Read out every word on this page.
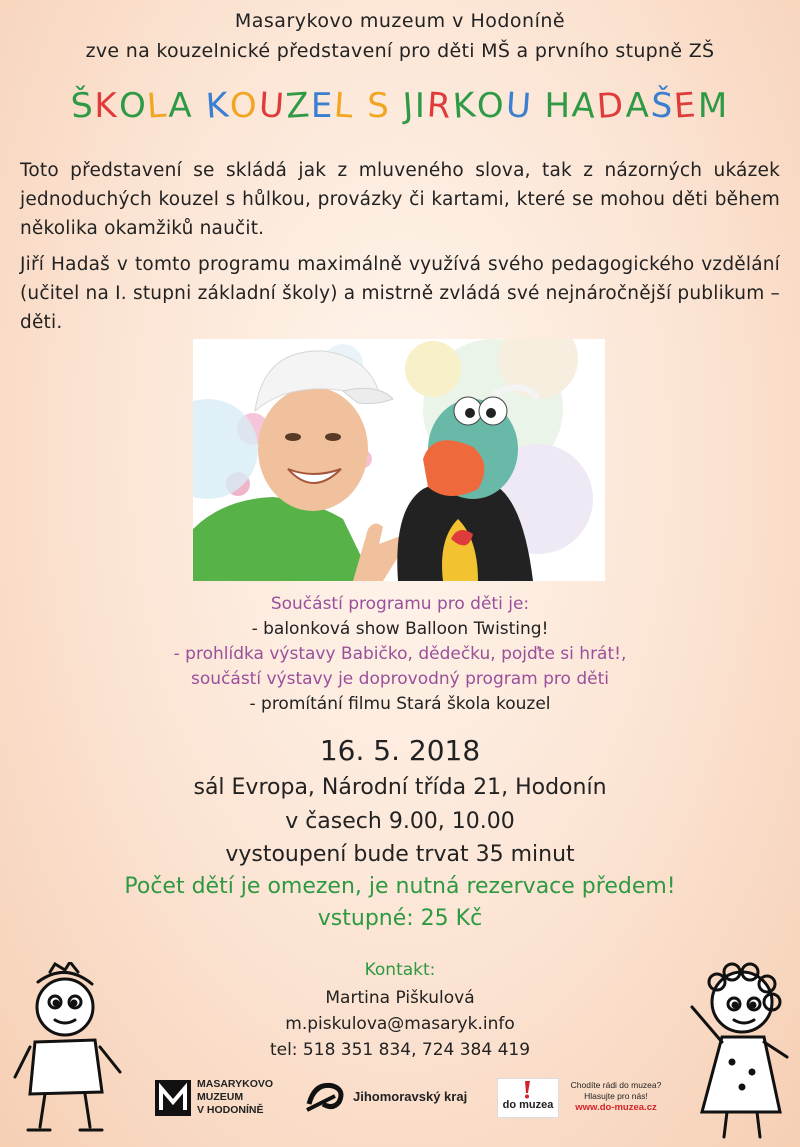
Masarykovo muzeum v Hodoníně
zve na kouzelnické představení pro děti MŠ a prvního stupně ZŠ
ŠKOLA KOUZEL S JIRKOU HADAŠEM
Toto představení se skládá jak z mluveného slova, tak z názorných ukázek jednoduchých kouzel s hůlkou, provázky či kartami, které se mohou děti během několika okamžiků naučit.
Jiří Hadaš v tomto programu maximálně využívá svého pedagogického vzdělání (učitel na I. stupni základní školy) a mistrně zvládá své nejnáročnější publikum – děti.
Součástí programu pro děti je:
- balonková show Balloon Twisting!
- prohlídka výstavy Babičko, dědečku, pojďte si hrát!,
součástí výstavy je doprovodný program pro děti
- promítání filmu Stará škola kouzel
16. 5. 2018
sál Evropa, Národní třída 21, Hodonín
v časech 9.00, 10.00
vystoupení bude trvat 35 minut
Počet dětí je omezen, je nutná rezervace předem!
vstupné: 25 Kč
Kontakt:
Martina Piškulová
m.piskulova@masaryk.info
tel: 518 351 834, 724 384 419
MASARYKOVO
MUZEUM
V HODONÍNĚ
Jihomoravský kraj
do muzea
Chodíte rádi do muzea?
Hlasujte pro nás!
www.do-muzea.cz
